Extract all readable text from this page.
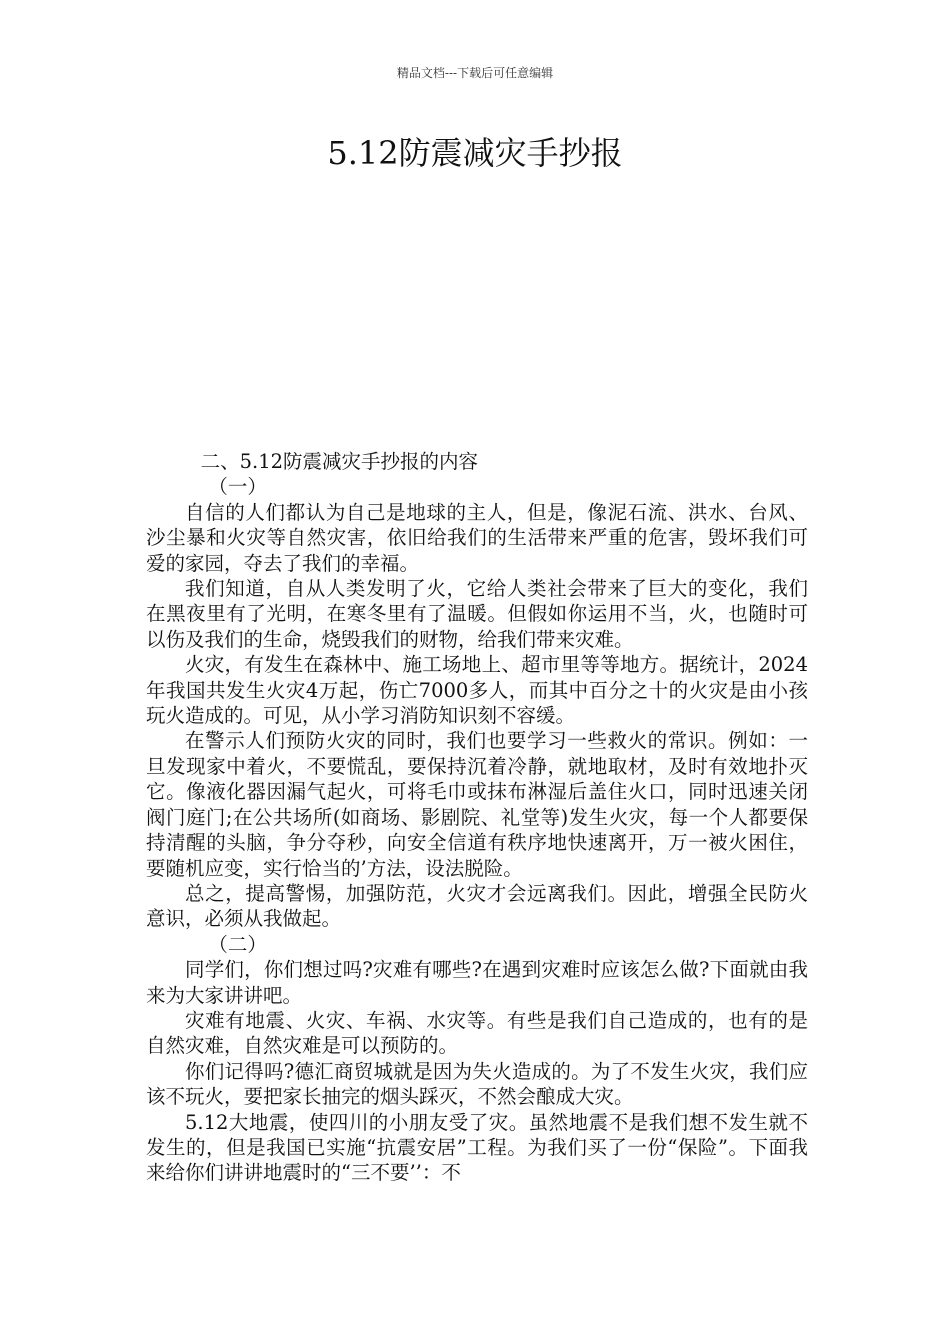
精品文档---下载后可任意编辑
5.12防震减灾手抄报

二、5.12防震减灾手抄报的内容

（一）

自信的人们都认为自己是地球的主人，但是，像泥石流、洪水、台风、沙尘暴和火灾等自然灾害，依旧给我们的生活带来严重的危害，毁坏我们可爱的家园，夺去了我们的幸福。

我们知道，自从人类发明了火，它给人类社会带来了巨大的变化，我们在黑夜里有了光明，在寒冬里有了温暖。但假如你运用不当，火，也随时可以伤及我们的生命，烧毁我们的财物，给我们带来灾难。

火灾，有发生在森林中、施工场地上、超市里等等地方。据统计，2024年我国共发生火灾4万起，伤亡7000多人，而其中百分之十的火灾是由小孩玩火造成的。可见，从小学习消防知识刻不容缓。

在警示人们预防火灾的同时，我们也要学习一些救火的常识。例如：一旦发现家中着火，不要慌乱，要保持沉着冷静，就地取材，及时有效地扑灭它。像液化器因漏气起火，可将毛巾或抹布淋湿后盖住火口，同时迅速关闭阀门庭门;在公共场所(如商场、影剧院、礼堂等)发生火灾，每一个人都要保持清醒的头脑，争分夺秒，向安全信道有秩序地快速离开，万一被火困住，要随机应变，实行恰当的’方法，设法脱险。

总之，提高警惕，加强防范，火灾才会远离我们。因此，增强全民防火意识，必须从我做起。

（二）

同学们，你们想过吗?灾难有哪些?在遇到灾难时应该怎么做?下面就由我来为大家讲讲吧。

灾难有地震、火灾、车祸、水灾等。有些是我们自己造成的，也有的是自然灾难，自然灾难是可以预防的。

你们记得吗?德汇商贸城就是因为失火造成的。为了不发生火灾，我们应该不玩火，要把家长抽完的烟头踩灭，不然会酿成大灾。

5.12大地震，使四川的小朋友受了灾。虽然地震不是我们想不发生就不发生的，但是我国已实施“抗震安居”工程。为我们买了一份“保险”。下面我来给你们讲讲地震时的“三不要’’：不
